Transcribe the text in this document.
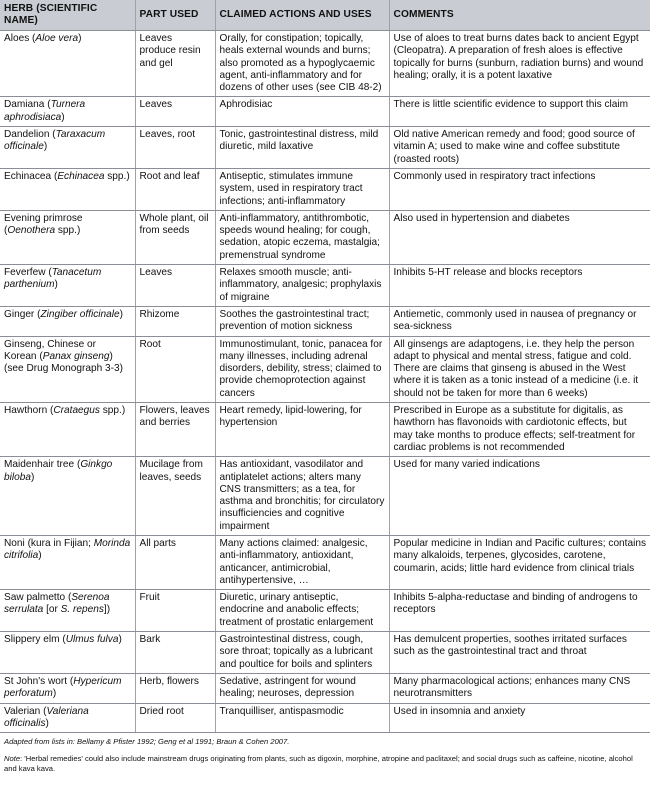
HERB (SCIENTIFIC NAME)	PART USED	CLAIMED ACTIONS AND USES	COMMENTS
Aloes (Aloe vera)	Leaves produce resin and gel	Orally, for constipation; topically, heals external wounds and burns; also promoted as a hypoglycaemic agent, anti-inflammatory and for dozens of other uses (see CIB 48-2)	Use of aloes to treat burns dates back to ancient Egypt (Cleopatra). A preparation of fresh aloes is effective topically for burns (sunburn, radiation burns) and wound healing; orally, it is a potent laxative
Damiana (Turnera aphrodisiaca)	Leaves	Aphrodisiac	There is little scientific evidence to support this claim
Dandelion (Taraxacum officinale)	Leaves, root	Tonic, gastrointestinal distress, mild diuretic, mild laxative	Old native American remedy and food; good source of vitamin A; used to make wine and coffee substitute (roasted roots)
Echinacea (Echinacea spp.)	Root and leaf	Antiseptic, stimulates immune system, used in respiratory tract infections; anti-inflammatory	Commonly used in respiratory tract infections
Evening primrose (Oenothera spp.)	Whole plant, oil from seeds	Anti-inflammatory, antithrombotic, speeds wound healing; for cough, sedation, atopic eczema, mastalgia; premenstrual syndrome	Also used in hypertension and diabetes
Feverfew (Tanacetum parthenium)	Leaves	Relaxes smooth muscle; anti-inflammatory, analgesic; prophylaxis of migraine	Inhibits 5-HT release and blocks receptors
Ginger (Zingiber officinale)	Rhizome	Soothes the gastrointestinal tract; prevention of motion sickness	Antiemetic, commonly used in nausea of pregnancy or sea-sickness
Ginseng, Chinese or Korean (Panax ginseng) (see Drug Monograph 3-3)	Root	Immunostimulant, tonic, panacea for many illnesses, including adrenal disorders, debility, stress; claimed to provide chemoprotection against cancers	All ginsengs are adaptogens, i.e. they help the person adapt to physical and mental stress, fatigue and cold. There are claims that ginseng is abused in the West where it is taken as a tonic instead of a medicine (i.e. it should not be taken for more than 6 weeks)
Hawthorn (Crataegus spp.)	Flowers, leaves and berries	Heart remedy, lipid-lowering, for hypertension	Prescribed in Europe as a substitute for digitalis, as hawthorn has flavonoids with cardiotonic effects, but may take months to produce effects; self-treatment for cardiac problems is not recommended
Maidenhair tree (Ginkgo biloba)	Mucilage from leaves, seeds	Has antioxidant, vasodilator and antiplatelet actions; alters many CNS transmitters; as a tea, for asthma and bronchitis; for circulatory insufficiencies and cognitive impairment	Used for many varied indications
Noni (kura in Fijian; Morinda citrifolia)	All parts	Many actions claimed: analgesic, anti-inflammatory, antioxidant, anticancer, antimicrobial, antihypertensive, …	Popular medicine in Indian and Pacific cultures; contains many alkaloids, terpenes, glycosides, carotene, coumarin, acids; little hard evidence from clinical trials
Saw palmetto (Serenoa serrulata [or S. repens])	Fruit	Diuretic, urinary antiseptic, endocrine and anabolic effects; treatment of prostatic enlargement	Inhibits 5-alpha-reductase and binding of androgens to receptors
Slippery elm (Ulmus fulva)	Bark	Gastrointestinal distress, cough, sore throat; topically as a lubricant and poultice for boils and splinters	Has demulcent properties, soothes irritated surfaces such as the gastrointestinal tract and throat
St John's wort (Hypericum perforatum)	Herb, flowers	Sedative, astringent for wound healing; neuroses, depression	Many pharmacological actions; enhances many CNS neurotransmitters
Valerian (Valeriana officinalis)	Dried root	Tranquilliser, antispasmodic	Used in insomnia and anxiety
Adapted from lists in: Bellamy & Pfister 1992; Geng et al 1991; Braun & Cohen 2007.
Note: 'Herbal remedies' could also include mainstream drugs originating from plants, such as digoxin, morphine, atropine and paclitaxel; and social drugs such as caffeine, nicotine, alcohol and kava kava.
